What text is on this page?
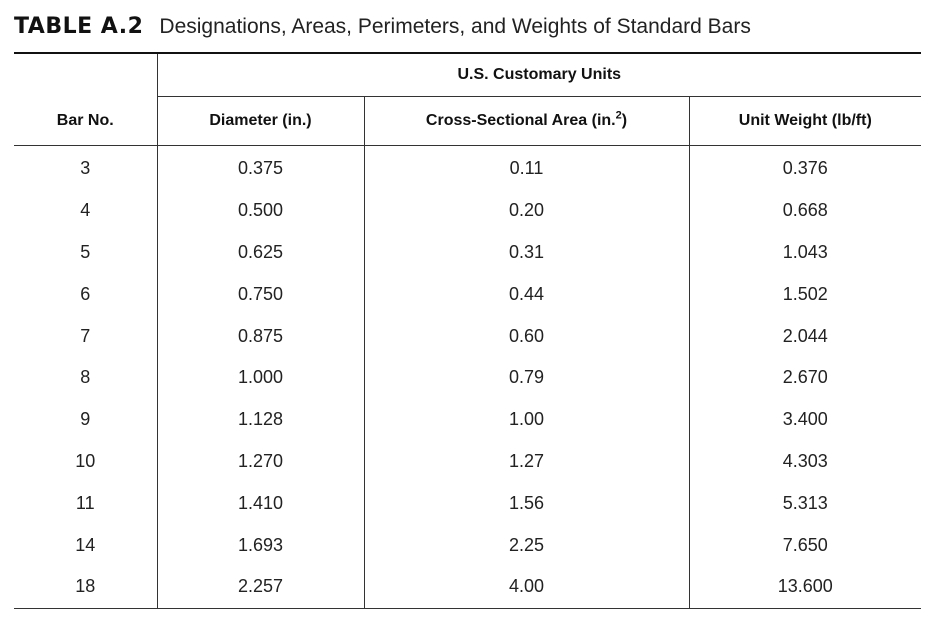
TABLE A.2 Designations, Areas, Perimeters, and Weights of Standard Bars
	U.S. Customary Units		
Bar No.	Diameter (in.)	Cross-Sectional Area (in.$^2$)	Unit Weight (lb/ft)
3	0.375	0.11	0.376
4	0.500	0.20	0.668
5	0.625	0.31	1.043
6	0.750	0.44	1.502
7	0.875	0.60	2.044
8	1.000	0.79	2.670
9	1.128	1.00	3.400
10	1.270	1.27	4.303
11	1.410	1.56	5.313
14	1.693	2.25	7.650
18	2.257	4.00	13.600
